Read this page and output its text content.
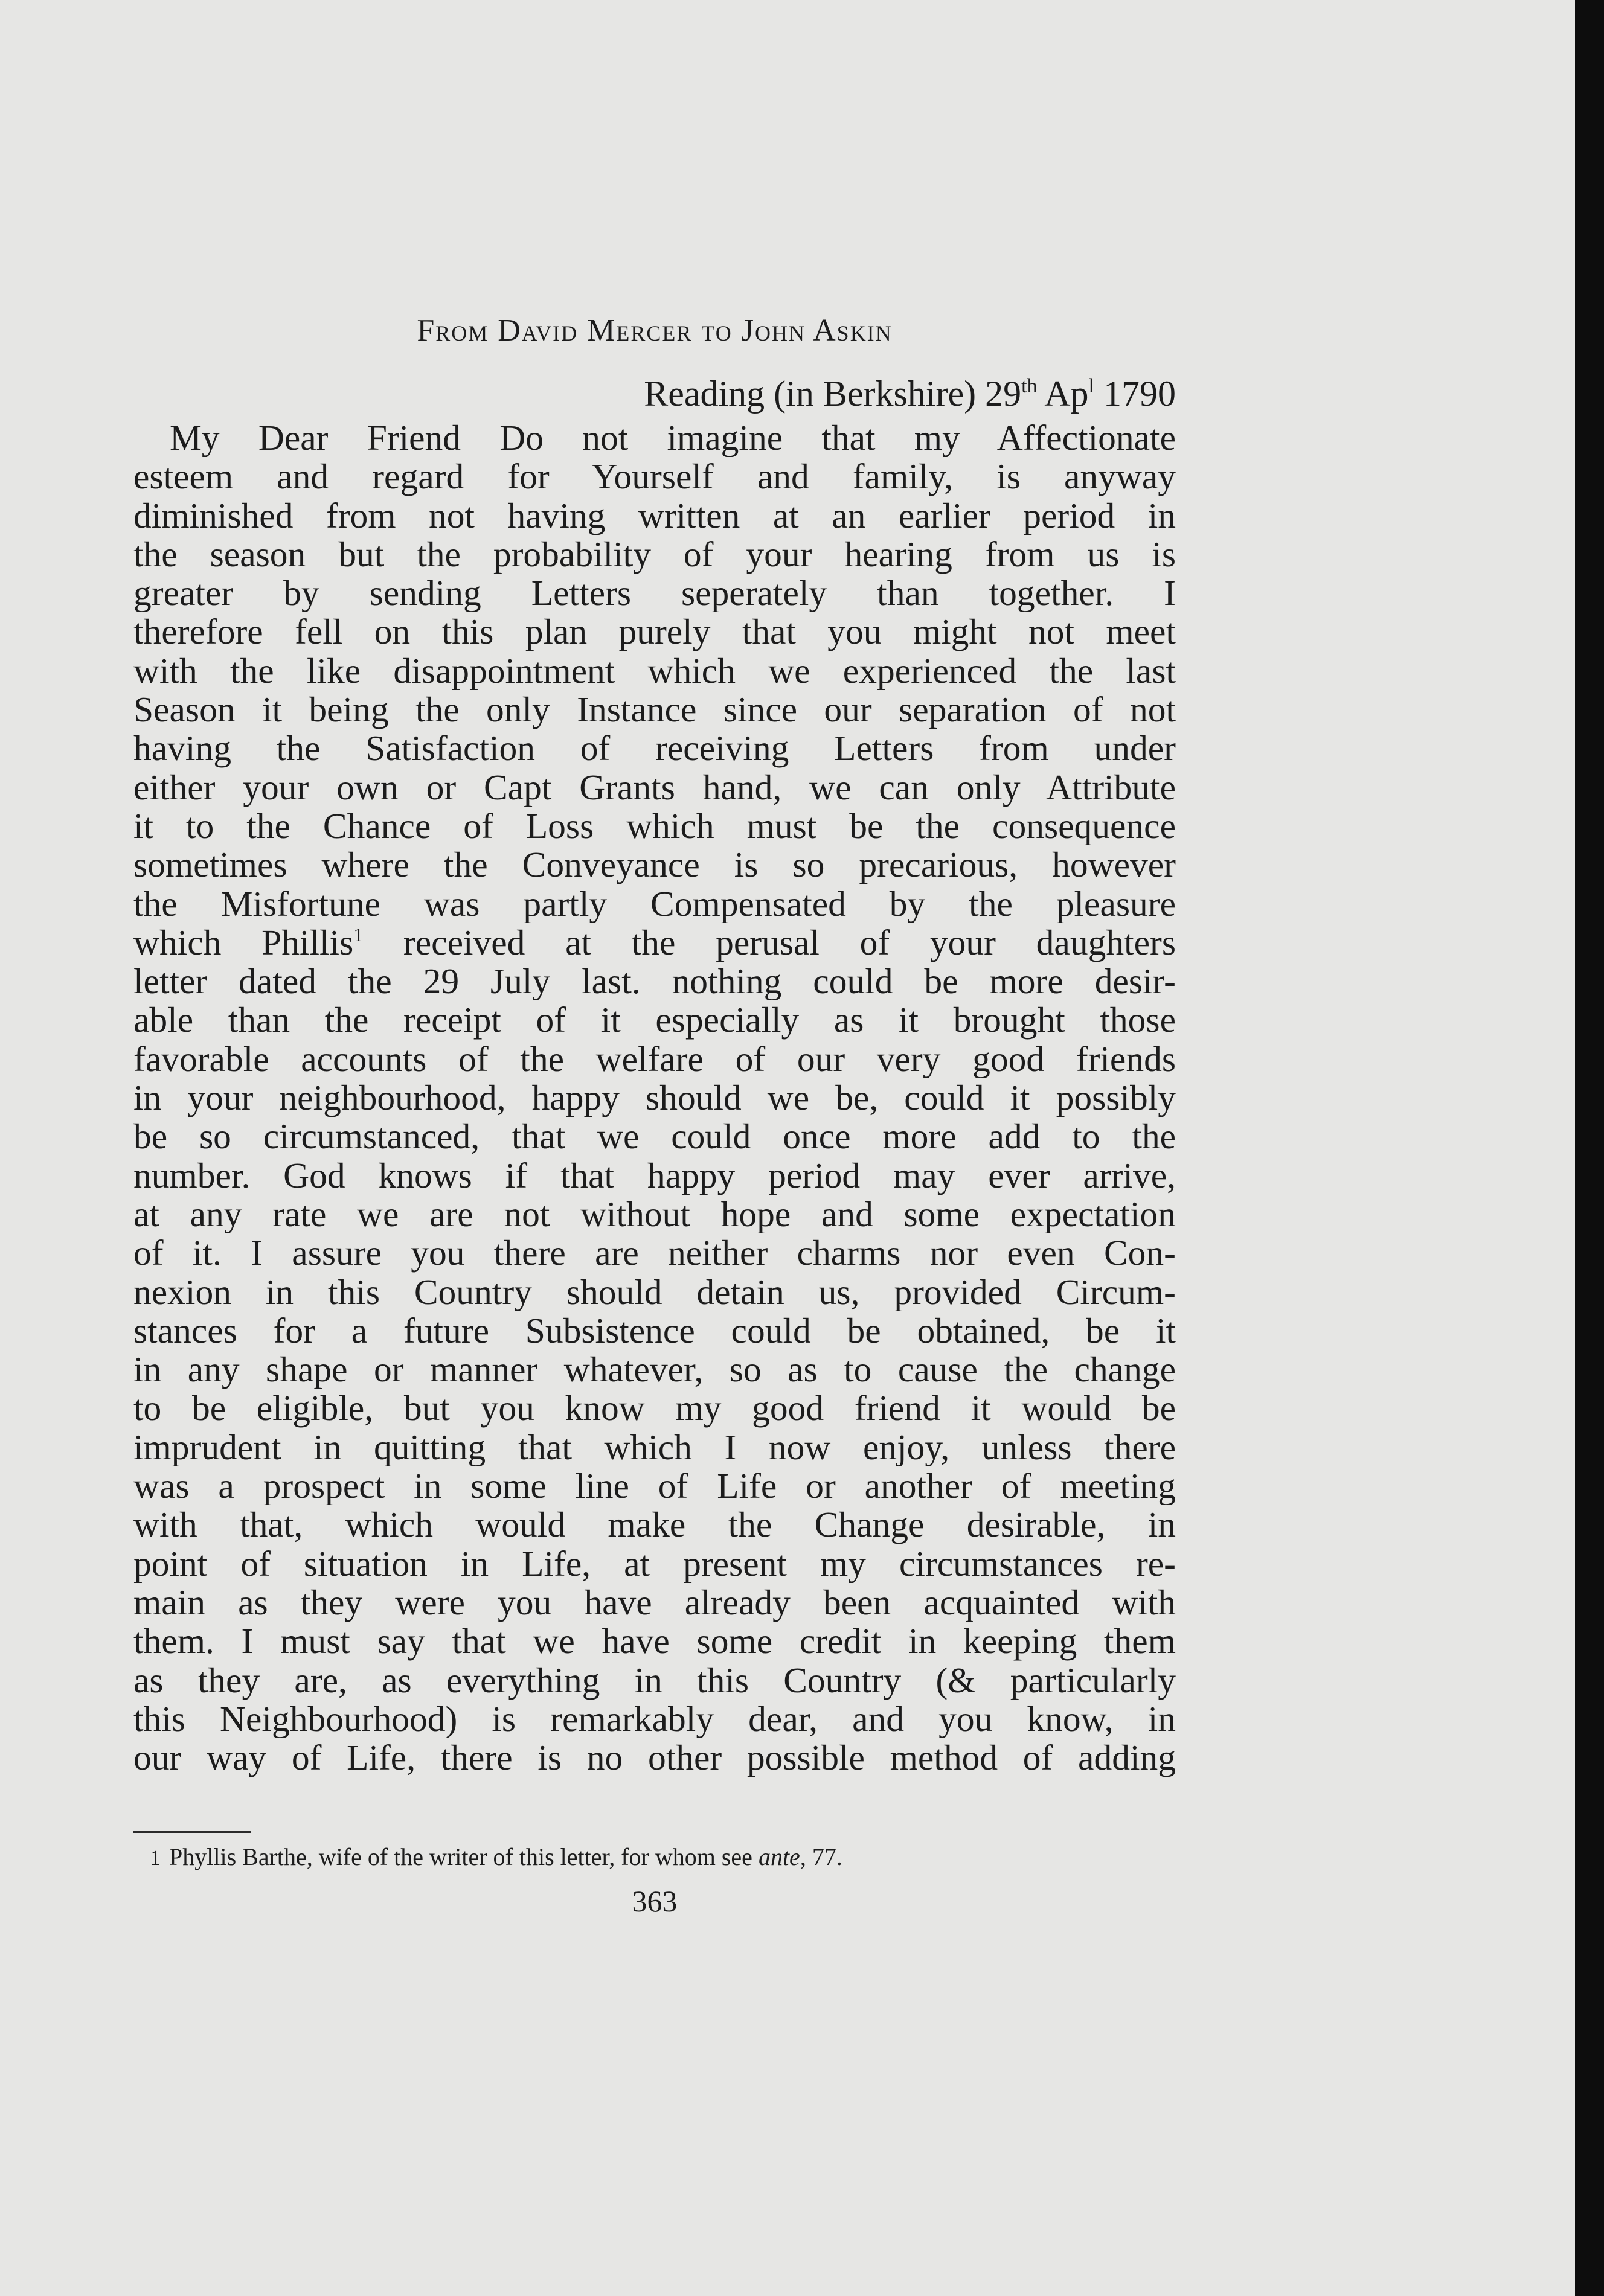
From David Mercer to John Askin
Reading (in Berkshire) 29th Ap$^l$ 1790
My Dear Friend Do not imagine that my Affectionate
esteem and regard for Yourself and family, is anyway
diminished from not having written at an earlier period in
the season but the probability of your hearing from us is
greater by sending Letters seperately than together. I
therefore fell on this plan purely that you might not meet
with the like disappointment which we experienced the last
Season it being the only Instance since our separation of not
having the Satisfaction of receiving Letters from under
either your own or Capt Grants hand, we can only Attribute
it to the Chance of Loss which must be the consequence
sometimes where the Conveyance is so precarious, however
the Misfortune was partly Compensated by the pleasure
which Phillis$^1$ received at the perusal of your daughters
letter dated the 29 July last. nothing could be more desir-
able than the receipt of it especially as it brought those
favorable accounts of the welfare of our very good friends
in your neighbourhood, happy should we be, could it possibly
be so circumstanced, that we could once more add to the
number. God knows if that happy period may ever arrive,
at any rate we are not without hope and some expectation
of it. I assure you there are neither charms nor even Con-
nexion in this Country should detain us, provided Circum-
stances for a future Subsistence could be obtained, be it
in any shape or manner whatever, so as to cause the change
to be eligible, but you know my good friend it would be
imprudent in quitting that which I now enjoy, unless there
was a prospect in some line of Life or another of meeting
with that, which would make the Change desirable, in
point of situation in Life, at present my circumstances re-
main as they were you have already been acquainted with
them. I must say that we have some credit in keeping them
as they are, as everything in this Country (& particularly
this Neighbourhood) is remarkably dear, and you know, in
our way of Life, there is no other possible method of adding
1 Phyllis Barthe, wife of the writer of this letter, for whom see ante, 77.
363
